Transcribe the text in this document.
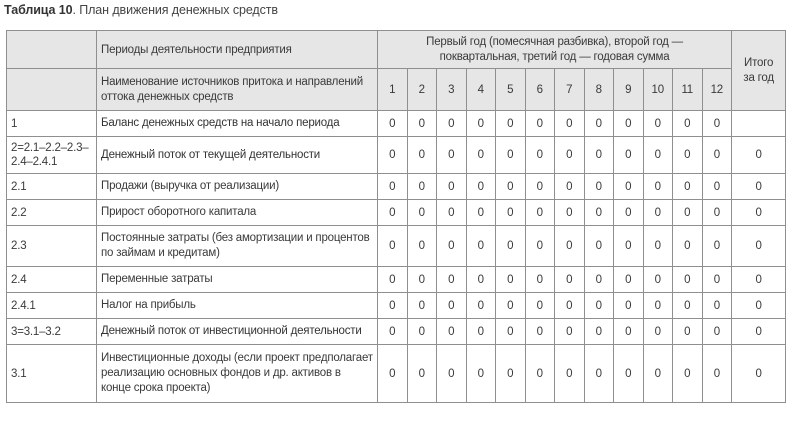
Таблица 10. План движения денежных средств
	Периоды деятельности предприятия	Первый год (помесячная разбивка), второй год — поквартальная, третий год — годовая сумма												Итого за год
	Наименование источников притока и направлений оттока денежных средств	1	2	3	4	5	6	7	8	9	10	11	12	
1	Баланс денежных средств на начало периода	0	0	0	0	0	0	0	0	0	0	0	0	
2=2.1–2.2–2.3–2.4–2.4.1	Денежный поток от текущей деятельности	0	0	0	0	0	0	0	0	0	0	0	0	0
2.1	Продажи (выручка от реализации)	0	0	0	0	0	0	0	0	0	0	0	0	0
2.2	Прирост оборотного капитала	0	0	0	0	0	0	0	0	0	0	0	0	0
2.3	Постоянные затраты (без амортизации и процентов по займам и кредитам)	0	0	0	0	0	0	0	0	0	0	0	0	0
2.4	Переменные затраты	0	0	0	0	0	0	0	0	0	0	0	0	0
2.4.1	Налог на прибыль	0	0	0	0	0	0	0	0	0	0	0	0	0
3=3.1–3.2	Денежный поток от инвестиционной деятельности	0	0	0	0	0	0	0	0	0	0	0	0	0
3.1	Инвестиционные доходы (если проект предполагает реализацию основных фондов и др. активов в конце срока проекта)	0	0	0	0	0	0	0	0	0	0	0	0	0
